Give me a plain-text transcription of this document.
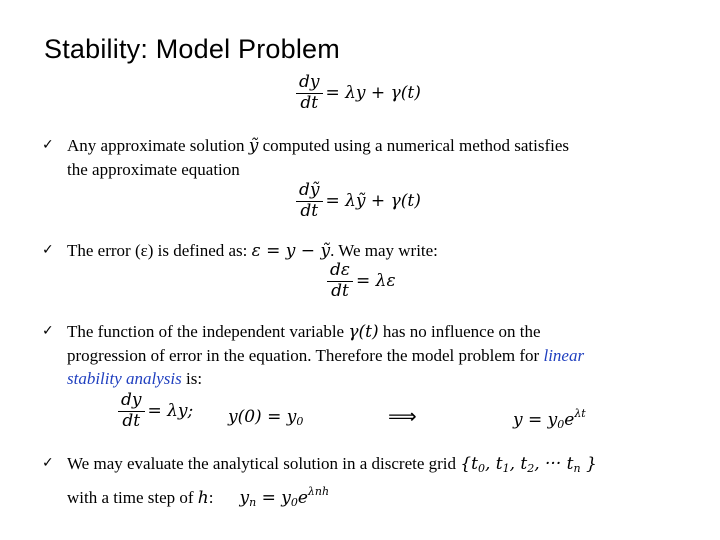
Stability: Model Problem
$\frac{dy}{dt} = \lambda y + \gamma(t)$
✓ Any approximate solution ỹ computed using a numerical method satisfies
the approximate equation
$\frac{\text{dỹ}}{dt}$ = λỹ + γ(t)
✓ The error (ε) is defined as: ε = y − ỹ. We may write:
$\frac{d\varepsilon}{dt} = \lambda\varepsilon$
✓ The function of the independent variable γ(t) has no influence on the
progression of error in the equation. Therefore the model problem for linear
stability analysis is:
$\frac{dy}{dt} = \lambda y$; $y(0) = y_0$	⟹	$y = y_0e^{\lambda t}$
✓ We may evaluate the analytical solution in a discrete grid {$t_0$, $t_1$, $t_2$, ··· $t_n$ }
with a time step of h: $y_n = y_0e^{\lambda nh}$
